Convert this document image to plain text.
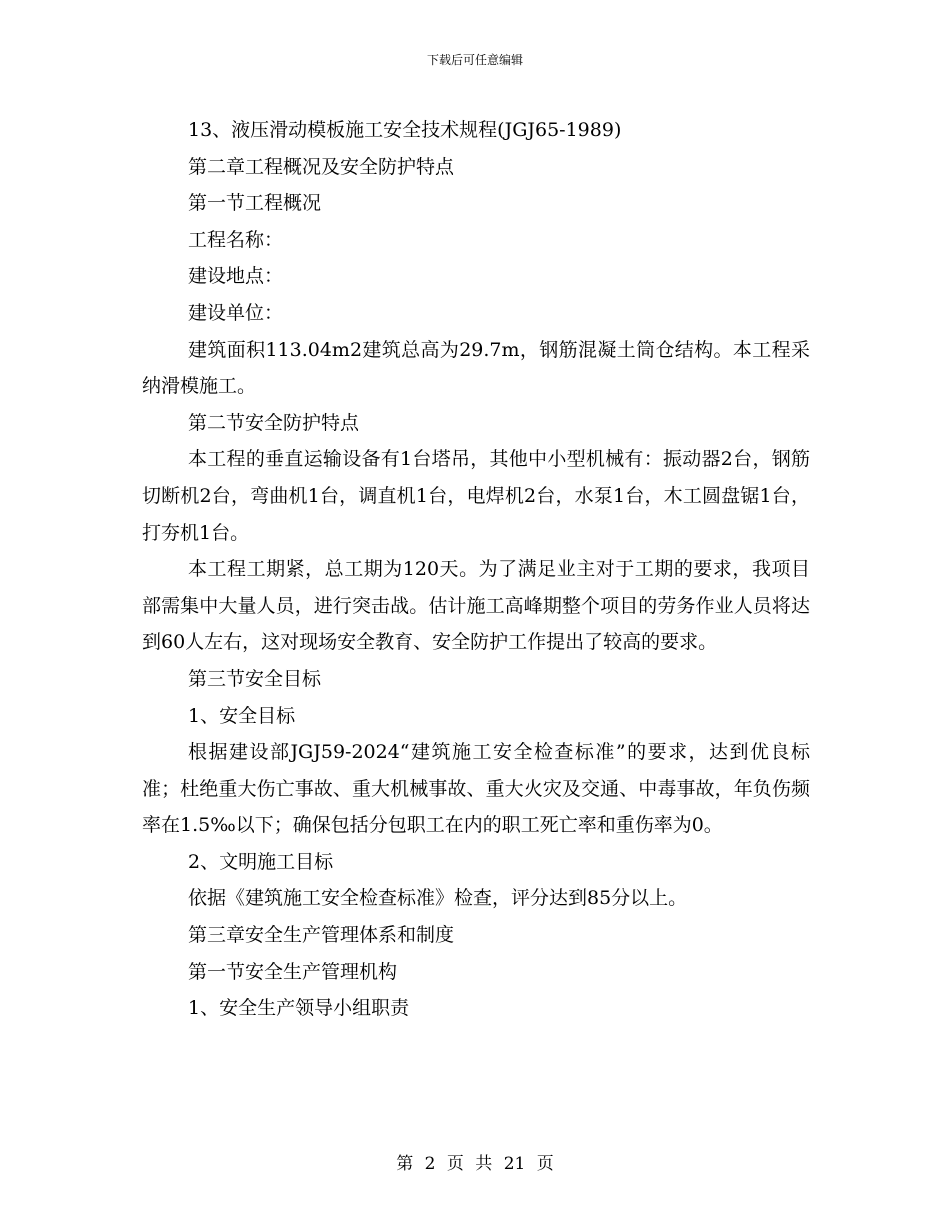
下载后可任意编辑

13、液压滑动模板施工安全技术规程(JGJ65-1989)

第二章工程概况及安全防护特点

第一节工程概况

工程名称：

建设地点：

建设单位：

建筑面积113.04m2建筑总高为29.7m，钢筋混凝土筒仓结构。本工程采纳滑模施工。

第二节安全防护特点

本工程的垂直运输设备有1台塔吊，其他中小型机械有：振动器2台，钢筋切断机2台，弯曲机1台，调直机1台，电焊机2台，水泵1台，木工圆盘锯1台，打夯机1台。

本工程工期紧，总工期为120天。为了满足业主对于工期的要求，我项目部需集中大量人员，进行突击战。估计施工高峰期整个项目的劳务作业人员将达到60人左右，这对现场安全教育、安全防护工作提出了较高的要求。

第三节安全目标

1、安全目标

根据建设部JGJ59-2024“建筑施工安全检查标准”的要求，达到优良标准；杜绝重大伤亡事故、重大机械事故、重大火灾及交通、中毒事故，年负伤频率在1.5‰以下；确保包括分包职工在内的职工死亡率和重伤率为0。

2、文明施工目标

依据《建筑施工安全检查标准》检查，评分达到85分以上。

第三章安全生产管理体系和制度

第一节安全生产管理机构

1、安全生产领导小组职责

第 2 页 共 21 页
